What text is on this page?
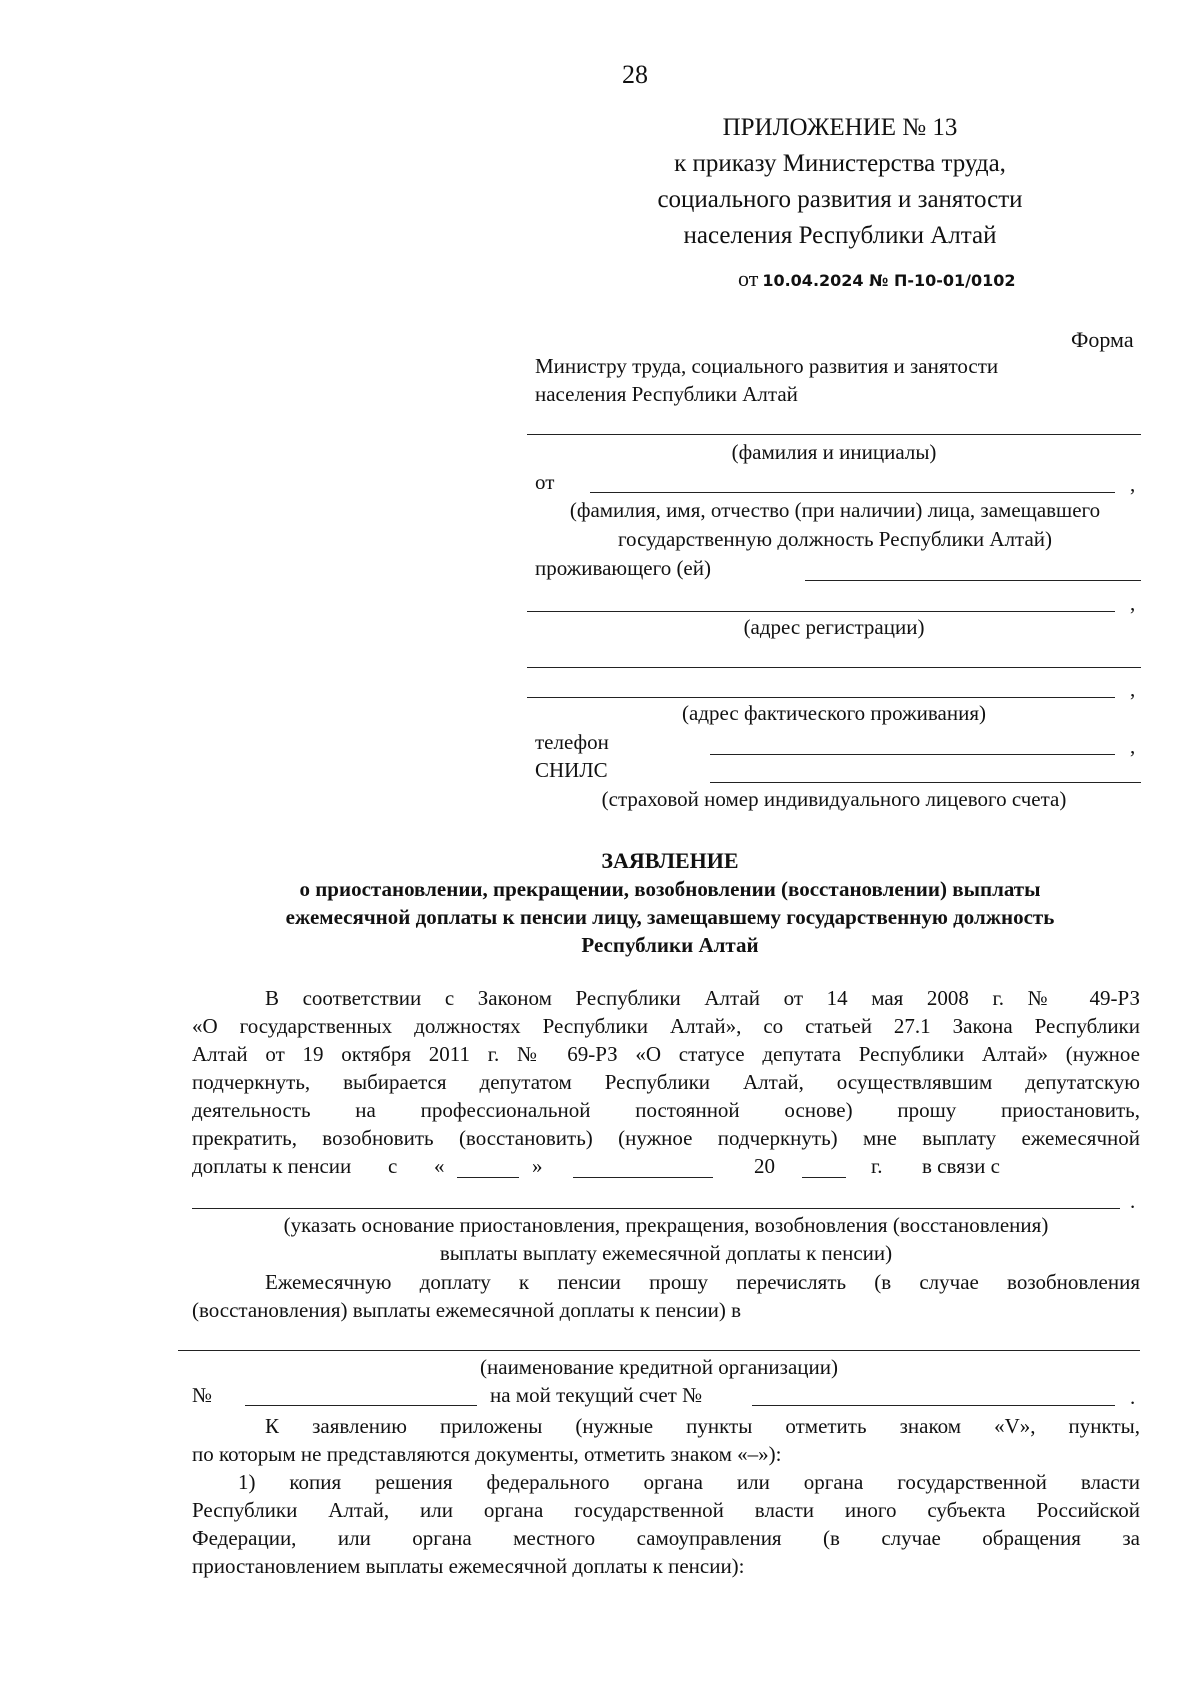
28
ПРИЛОЖЕНИЕ № 13
к приказу Министерства труда,
социального развития и занятости
населения Республики Алтай
от 10.04.2024 № П-10-01/0102
Форма
Министру труда, социального развития и занятости
населения Республики Алтай
(фамилия и инициалы)
от	,
(фамилия, имя, отчество (при наличии) лица, замещавшего
государственную должность Республики Алтай)
проживающего (ей)
,
(адрес регистрации)
,
(адрес фактического проживания)
телефон	,
СНИЛС
(страховой номер индивидуального лицевого счета)
ЗАЯВЛЕНИЕ
о приостановлении, прекращении, возобновлении (восстановлении) выплаты
ежемесячной доплаты к пенсии лицу, замещавшему государственную должность
Республики Алтай
В соответствии с Законом Республики Алтай от 14 мая 2008 г. № 49-РЗ
«О государственных должностях Республики Алтай», со статьей 27.1 Закона Республики
Алтай от 19 октября 2011 г. № 69-РЗ «О статусе депутата Республики Алтай» (нужное
подчеркнуть, выбирается депутатом Республики Алтай, осуществлявшим депутатскую
деятельность на профессиональной постоянной основе) прошу приостановить,
прекратить, возобновить (восстановить) (нужное подчеркнуть) мне выплату ежемесячной
доплаты к пенсии с «	»	20	г. в связи с
.
(указать основание приостановления, прекращения, возобновления (восстановления)
выплаты выплату ежемесячной доплаты к пенсии)
Ежемесячную доплату к пенсии прошу перечислять (в случае возобновления
(восстановления) выплаты ежемесячной доплаты к пенсии) в
(наименование кредитной организации)
№	на мой текущий счет №	.
К заявлению приложены (нужные пункты отметить знаком «V», пункты,
по которым не представляются документы, отметить знаком «–»):
1) копия решения федерального органа или органа государственной власти
Республики Алтай, или органа государственной власти иного субъекта Российской
Федерации, или органа местного самоуправления (в случае обращения за
приостановлением выплаты ежемесячной доплаты к пенсии):
